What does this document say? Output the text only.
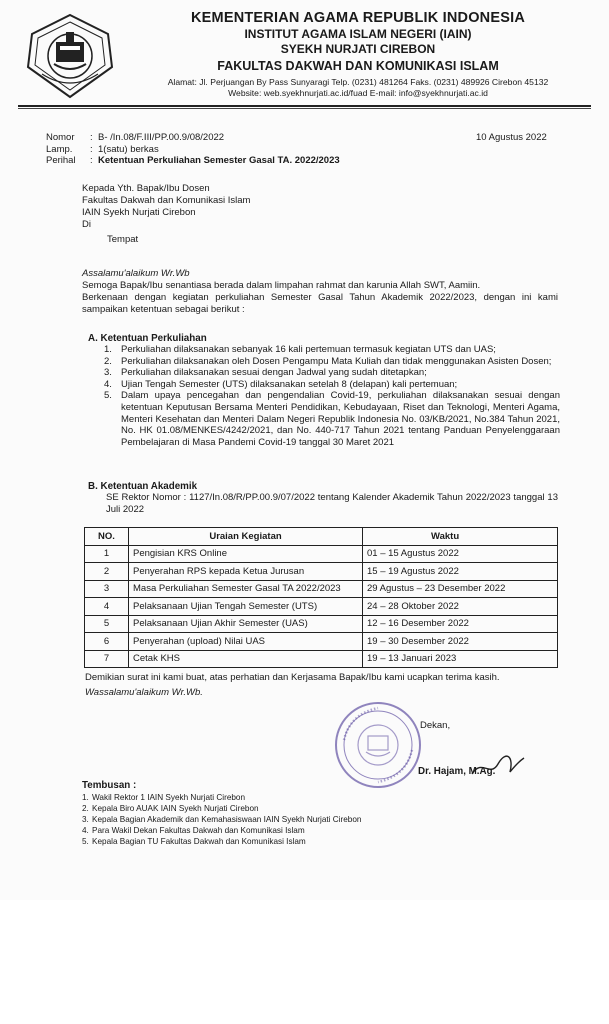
KEMENTERIAN AGAMA REPUBLIK INDONESIA
INSTITUT AGAMA ISLAM NEGERI (IAIN)
SYEKH NURJATI CIREBON
FAKULTAS DAKWAH DAN KOMUNIKASI ISLAM
Alamat: Jl. Perjuangan By Pass Sunyaragi Telp. (0231) 481264 Faks. (0231) 489926 Cirebon 45132
Website: web.syekhnurjati.ac.id/fuad E-mail: info@syekhnurjati.ac.id
Nomor	: B- /In.08/F.III/PP.00.9/08/2022
Lamp.	: 1(satu) berkas
Perihal	: Ketentuan Perkuliahan Semester Gasal TA. 2022/2023
10 Agustus 2022
Kepada Yth. Bapak/Ibu Dosen
Fakultas Dakwah dan Komunikasi Islam
IAIN Syekh Nurjati Cirebon
Di
Tempat
Assalamu'alaikum Wr.Wb
Semoga Bapak/Ibu senantiasa berada dalam limpahan rahmat dan karunia Allah SWT, Aamiin.
Berkenaan dengan kegiatan perkuliahan Semester Gasal Tahun Akademik 2022/2023, dengan ini kami sampaikan ketentuan sebagai berikut :
A. Ketentuan Perkuliahan
1. Perkuliahan dilaksanakan sebanyak 16 kali pertemuan termasuk kegiatan UTS dan UAS;
2. Perkuliahan dilaksanakan oleh Dosen Pengampu Mata Kuliah dan tidak menggunakan Asisten Dosen;
3. Perkuliahan dilaksanakan sesuai dengan Jadwal yang sudah ditetapkan;
4. Ujian Tengah Semester (UTS) dilaksanakan setelah 8 (delapan) kali pertemuan;
5. Dalam upaya pencegahan dan pengendalian Covid-19, perkuliahan dilaksanakan sesuai dengan ketentuan Keputusan Bersama Menteri Pendidikan, Kebudayaan, Riset dan Teknologi, Menteri Agama, Menteri Kesehatan dan Menteri Dalam Negeri Republik Indonesia No. 03/KB/2021, No.384 Tahun 2021, No. HK 01.08/MENKES/4242/2021, dan No. 440-717 Tahun 2021 tentang Panduan Penyelenggaraan Pembelajaran di Masa Pandemi Covid-19 tanggal 30 Maret 2021
B. Ketentuan Akademik
SE Rektor Nomor : 1127/In.08/R/PP.00.9/07/2022 tentang Kalender Akademik Tahun 2022/2023 tanggal 13 Juli 2022
NO.	Uraian Kegiatan	Waktu
1	Pengisian KRS Online	01 – 15 Agustus 2022
2	Penyerahan RPS kepada Ketua Jurusan	15 – 19 Agustus 2022
3	Masa Perkuliahan Semester Gasal TA 2022/2023	29 Agustus – 23 Desember 2022
4	Pelaksanaan Ujian Tengah Semester (UTS)	24 – 28 Oktober 2022
5	Pelaksanaan Ujian Akhir Semester (UAS)	12 – 16 Desember 2022
6	Penyerahan (upload) Nilai UAS	19 – 30 Desember 2022
7	Cetak KHS	19 – 13 Januari 2023
Demikian surat ini kami buat, atas perhatian dan Kerjasama Bapak/Ibu kami ucapkan terima kasih.
Wassalamu'alaikum Wr.Wb.
Dekan,
Dr. Hajam, M.Ag.
Tembusan :
1. Wakil Rektor 1 IAIN Syekh Nurjati Cirebon
2. Kepala Biro AUAK IAIN Syekh Nurjati Cirebon
3. Kepala Bagian Akademik dan Kemahasiswaan IAIN Syekh Nurjati Cirebon
4. Para Wakil Dekan Fakultas Dakwah dan Komunikasi Islam
5. Kepala Bagian TU Fakultas Dakwah dan Komunikasi Islam
